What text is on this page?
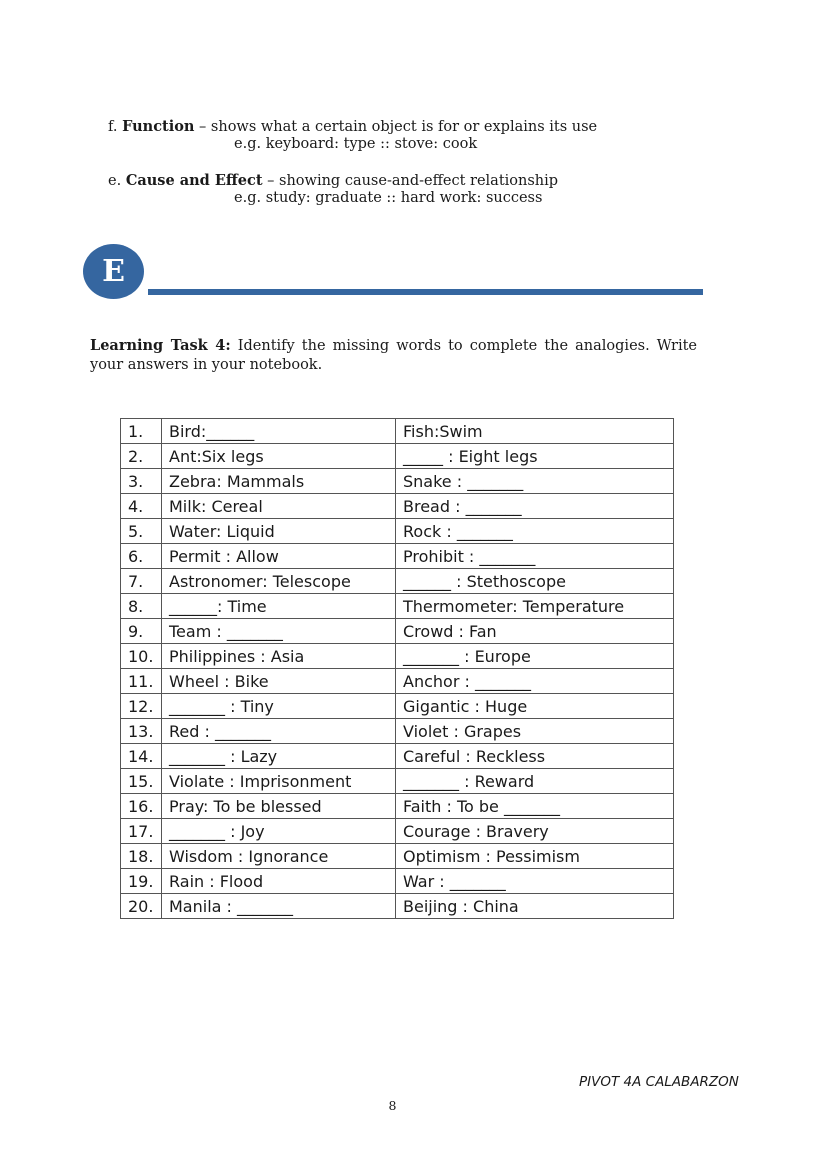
f. Function – shows what a certain object is for or explains its use
e.g. keyboard: type :: stove: cook
e. Cause and Effect – showing cause-and-effect relationship
e.g. study: graduate :: hard work: success
E
Learning Task 4: Identify the missing words to complete the analogies. Write
your answers in your notebook.
1.	Bird:______	Fish:Swim
2.	Ant:Six legs	_____ : Eight legs
3.	Zebra: Mammals	Snake : _______
4.	Milk: Cereal	Bread : _______
5.	Water: Liquid	Rock : _______
6.	Permit : Allow	Prohibit : _______
7.	Astronomer: Telescope	______ : Stethoscope
8.	______: Time	Thermometer: Temperature
9.	Team : _______	Crowd : Fan
10.	Philippines : Asia	_______ : Europe
11.	Wheel : Bike	Anchor : _______
12.	_______ : Tiny	Gigantic : Huge
13.	Red : _______	Violet : Grapes
14.	_______ : Lazy	Careful : Reckless
15.	Violate : Imprisonment	_______ : Reward
16.	Pray: To be blessed	Faith : To be _______
17.	_______ : Joy	Courage : Bravery
18.	Wisdom : Ignorance	Optimism : Pessimism
19.	Rain : Flood	War : _______
20.	Manila : _______	Beijing : China
PIVOT 4A CALABARZON
8
